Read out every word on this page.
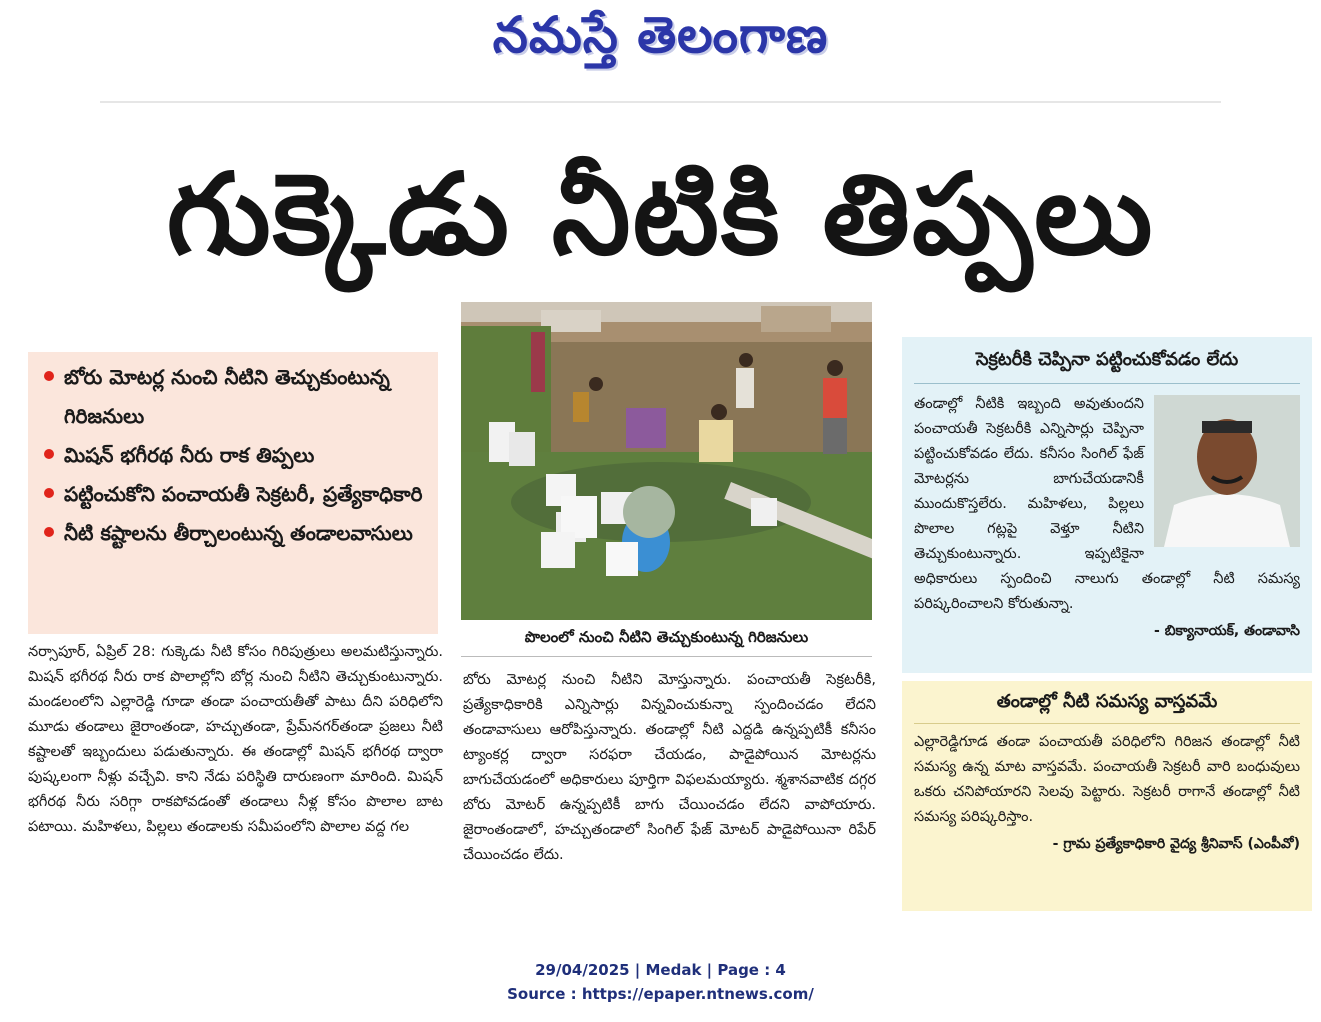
నమస్తే తెలంగాణ
గుక్కెడు నీటికి తిప్పలు
బోరు మోటర్ల నుంచి నీటిని తెచ్చుకుంటున్న గిరిజనులు
మిషన్ భగీరథ నీరు రాక తిప్పలు
పట్టించుకోని పంచాయతీ సెక్రటరీ, ప్రత్యేకాధికారి
నీటి కష్టాలను తీర్చాలంటున్న తండాలవాసులు
పొలంలో నుంచి నీటిని తెచ్చుకుంటున్న గిరిజనులు

నర్సాపూర్, ఏప్రిల్ 28: గుక్కెడు నీటి కోసం గిరిపుత్రులు అలమటిస్తున్నారు. మిషన్ భగీరథ నీరు రాక పొలాల్లోని బోర్ల నుంచి నీటిని తెచ్చుకుంటున్నారు. మండలంలోని ఎల్లారెడ్డి గూడా తండా పంచాయతీతో పాటు దీని పరిధిలోని మూడు తండాలు జైరాంతండా, హచ్చుతండా, ప్రేమ్‌నగర్‌తండా ప్రజలు నీటి కష్టాలతో ఇబ్బందులు పడుతున్నారు. ఈ తండాల్లో మిషన్ భగీరథ ద్వారా పుష్కలంగా నీళ్లు వచ్చేవి. కాని నేడు పరిస్థితి దారుణంగా మారింది. మిషన్ భగీరథ నీరు సరిగ్గా రాకపోవడంతో తండాలు నీళ్ల కోసం పొలాల బాట పటాయి. మహిళలు, పిల్లలు తండాలకు సమీపంలోని పొలాల వద్ద గల

బోరు మోటర్ల నుంచి నీటిని మోస్తున్నారు. పంచాయతీ సెక్రటరీకి, ప్రత్యేకాధికారికి ఎన్నిసార్లు విన్నవించుకున్నా స్పందించడం లేదని తండావాసులు ఆరోపిస్తున్నారు. తండాల్లో నీటి ఎద్దడి ఉన్నప్పటికీ కనీసం ట్యాంకర్ల ద్వారా సరఫరా చేయడం, పాడైపోయిన మోటర్లను బాగుచేయడంలో అధికారులు పూర్తిగా విఫలమయ్యారు. శ్మశానవాటిక దగ్గర బోరు మోటర్ ఉన్నప్పటికీ బాగు చేయించడం లేదని వాపోయారు. జైరాంతండాలో, హచ్చుతండాలో సింగిల్ ఫేజ్ మోటర్ పాడైపోయినా రిపేర్ చేయించడం లేదు.

సెక్రటరీకి చెప్పినా పట్టించుకోవడం లేదు
తండాల్లో నీటికి ఇబ్బంది అవుతుందని పంచాయతీ సెక్రటరీకి ఎన్నిసార్లు చెప్పినా పట్టించుకోవడం లేదు. కనీసం సింగిల్ ఫేజ్ మోటర్లను బాగుచేయడానికీ ముందుకొస్తలేరు. మహిళలు, పిల్లలు పొలాల గట్లపై వెళ్తూ నీటిని తెచ్చుకుంటున్నారు. ఇప్పటికైనా అధికారులు స్పందించి నాలుగు తండాల్లో నీటి సమస్య పరిష్కరించాలని కోరుతున్నా.
- బిక్యానాయక్, తండావాసి
తండాల్లో నీటి సమస్య వాస్తవమే
ఎల్లారెడ్డిగూడ తండా పంచాయతీ పరిధిలోని గిరిజన తండాల్లో నీటి సమస్య ఉన్న మాట వాస్తవమే. పంచాయతీ సెక్రటరీ వారి బంధువులు ఒకరు చనిపోయారని సెలవు పెట్టారు. సెక్రటరీ రాగానే తండాల్లో నీటి సమస్య పరిష్కరిస్తాం.
- గ్రామ ప్రత్యేకాధికారి వైద్య శ్రీనివాస్ (ఎంపీవో)
29/04/2025 | Medak | Page : 4
Source : https://epaper.ntnews.com/
